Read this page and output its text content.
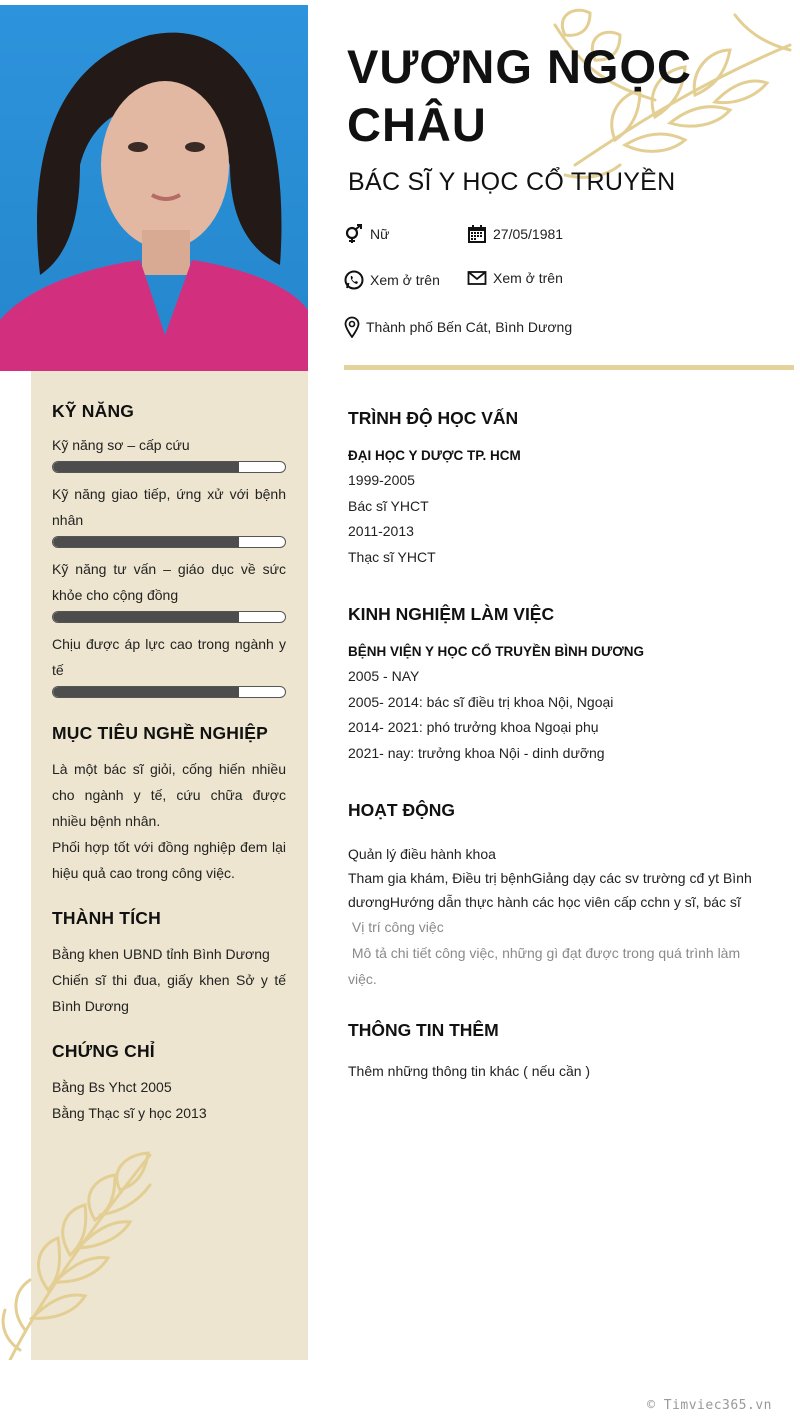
VƯƠNG NGỌC CHÂU
BÁC SĨ Y HỌC CỔ TRUYỀN
Nữ	27/05/1981
Xem ở trên	Xem ở trên
Thành phố Bến Cát, Bình Dương
KỸ NĂNG
Kỹ năng sơ – cấp cứu
Kỹ năng giao tiếp, ứng xử với bệnh nhân
Kỹ năng tư vấn – giáo dục về sức khỏe cho cộng đồng
Chịu được áp lực cao trong ngành y tế
MỤC TIÊU NGHỀ NGHIỆP
Là một bác sĩ giỏi, cống hiến nhiều cho ngành y tế, cứu chữa được nhiều bệnh nhân.
Phối hợp tốt với đồng nghiệp đem lại hiệu quả cao trong công việc.
THÀNH TÍCH
Bằng khen UBND tỉnh Bình Dương
Chiến sĩ thi đua, giấy khen Sở y tế Bình Dương
CHỨNG CHỈ
Bằng Bs Yhct 2005
Bằng Thạc sĩ y học 2013
TRÌNH ĐỘ HỌC VẤN
ĐẠI HỌC Y DƯỢC TP. HCM
1999-2005
Bác sĩ YHCT
2011-2013
Thạc sĩ YHCT
KINH NGHIỆM LÀM VIỆC
BỆNH VIỆN Y HỌC CỔ TRUYỀN BÌNH DƯƠNG
2005 - NAY
2005- 2014: bác sĩ điều trị khoa Nội, Ngoại
2014- 2021: phó trưởng khoa Ngoại phụ
2021- nay: trưởng khoa Nội - dinh dưỡng
HOẠT ĐỘNG
Quản lý điều hành khoa
Tham gia khám, Điều trị bệnhGiảng dạy các sv trường cđ yt Bình dươngHướng dẫn thực hành các học viên cấp cchn y sĩ, bác sĩ
Vị trí công việc
Mô tả chi tiết công việc, những gì đạt được trong quá trình làm việc.
THÔNG TIN THÊM
Thêm những thông tin khác ( nếu cần )
© Timviec365.vn
